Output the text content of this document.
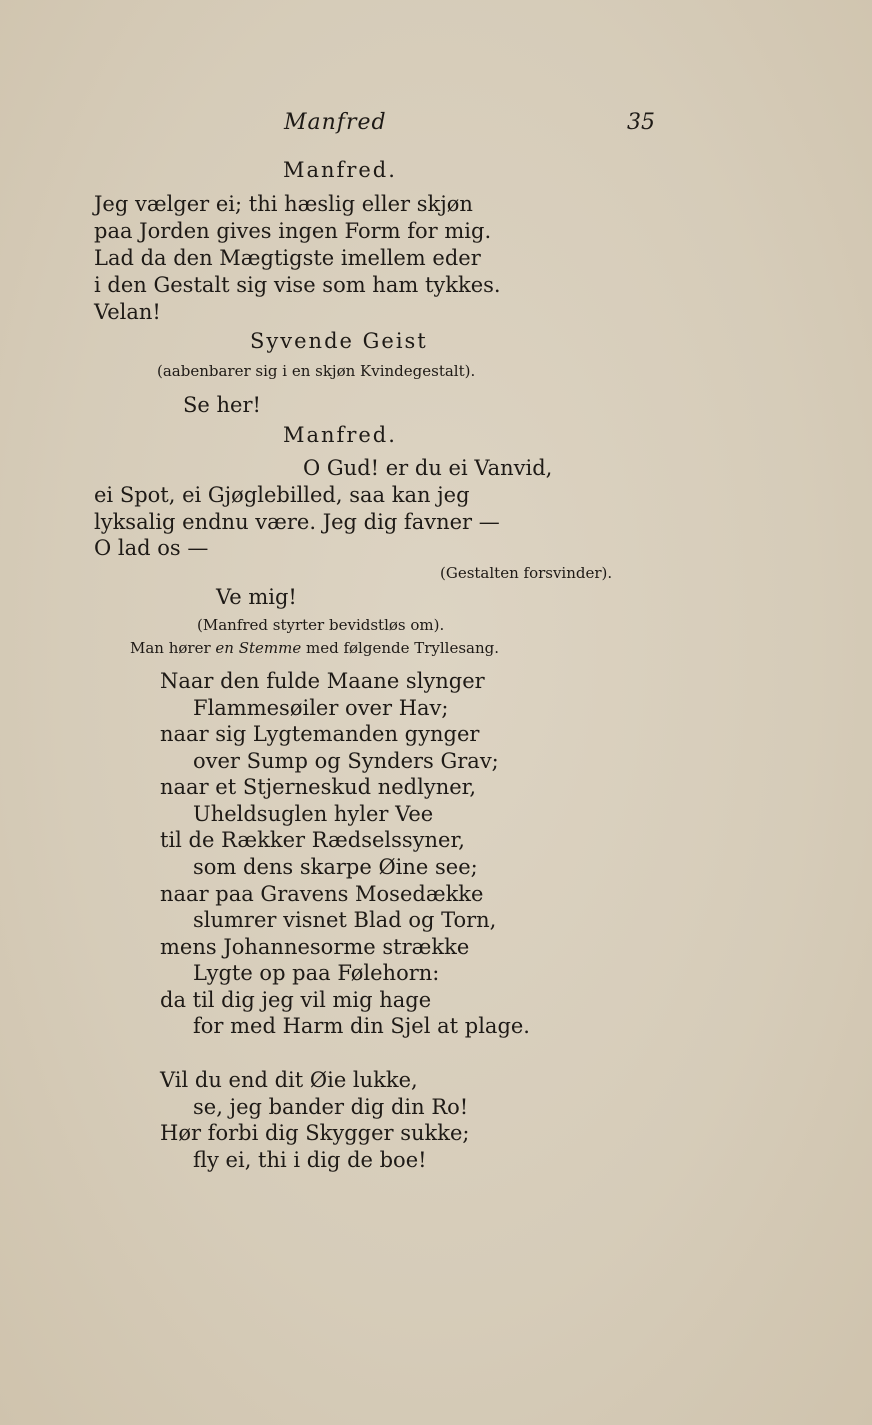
Manfred	35
Manfred.
Jeg vælger ei; thi hæslig eller skjøn
paa Jorden gives ingen Form for mig.
Lad da den Mægtigste imellem eder
i den Gestalt sig vise som ham tykkes.
Velan!
Syvende Geist
(aabenbarer sig i en skjøn Kvindegestalt).
Se her!
Manfred.
O Gud! er du ei Vanvid,
ei Spot, ei Gjøglebilled, saa kan jeg
lyksalig endnu være. Jeg dig favner —
O lad os —
(Gestalten forsvinder).
Ve mig!
(Manfred styrter bevidstløs om).
Man hører en Stemme med følgende Tryllesang.
Naar den fulde Maane slynger
Flammesøiler over Hav;
naar sig Lygtemanden gynger
over Sump og Synders Grav;
naar et Stjerneskud nedlyner,
Uheldsuglen hyler Vee
til de Rækker Rædselssyner,
som dens skarpe Øine see;
naar paa Gravens Mosedække
slumrer visnet Blad og Torn,
mens Johannesorme strække
Lygte op paa Følehorn:
da til dig jeg vil mig hage
for med Harm din Sjel at plage.
Vil du end dit Øie lukke,
se, jeg bander dig din Ro!
Hør forbi dig Skygger sukke;
fly ei, thi i dig de boe!
